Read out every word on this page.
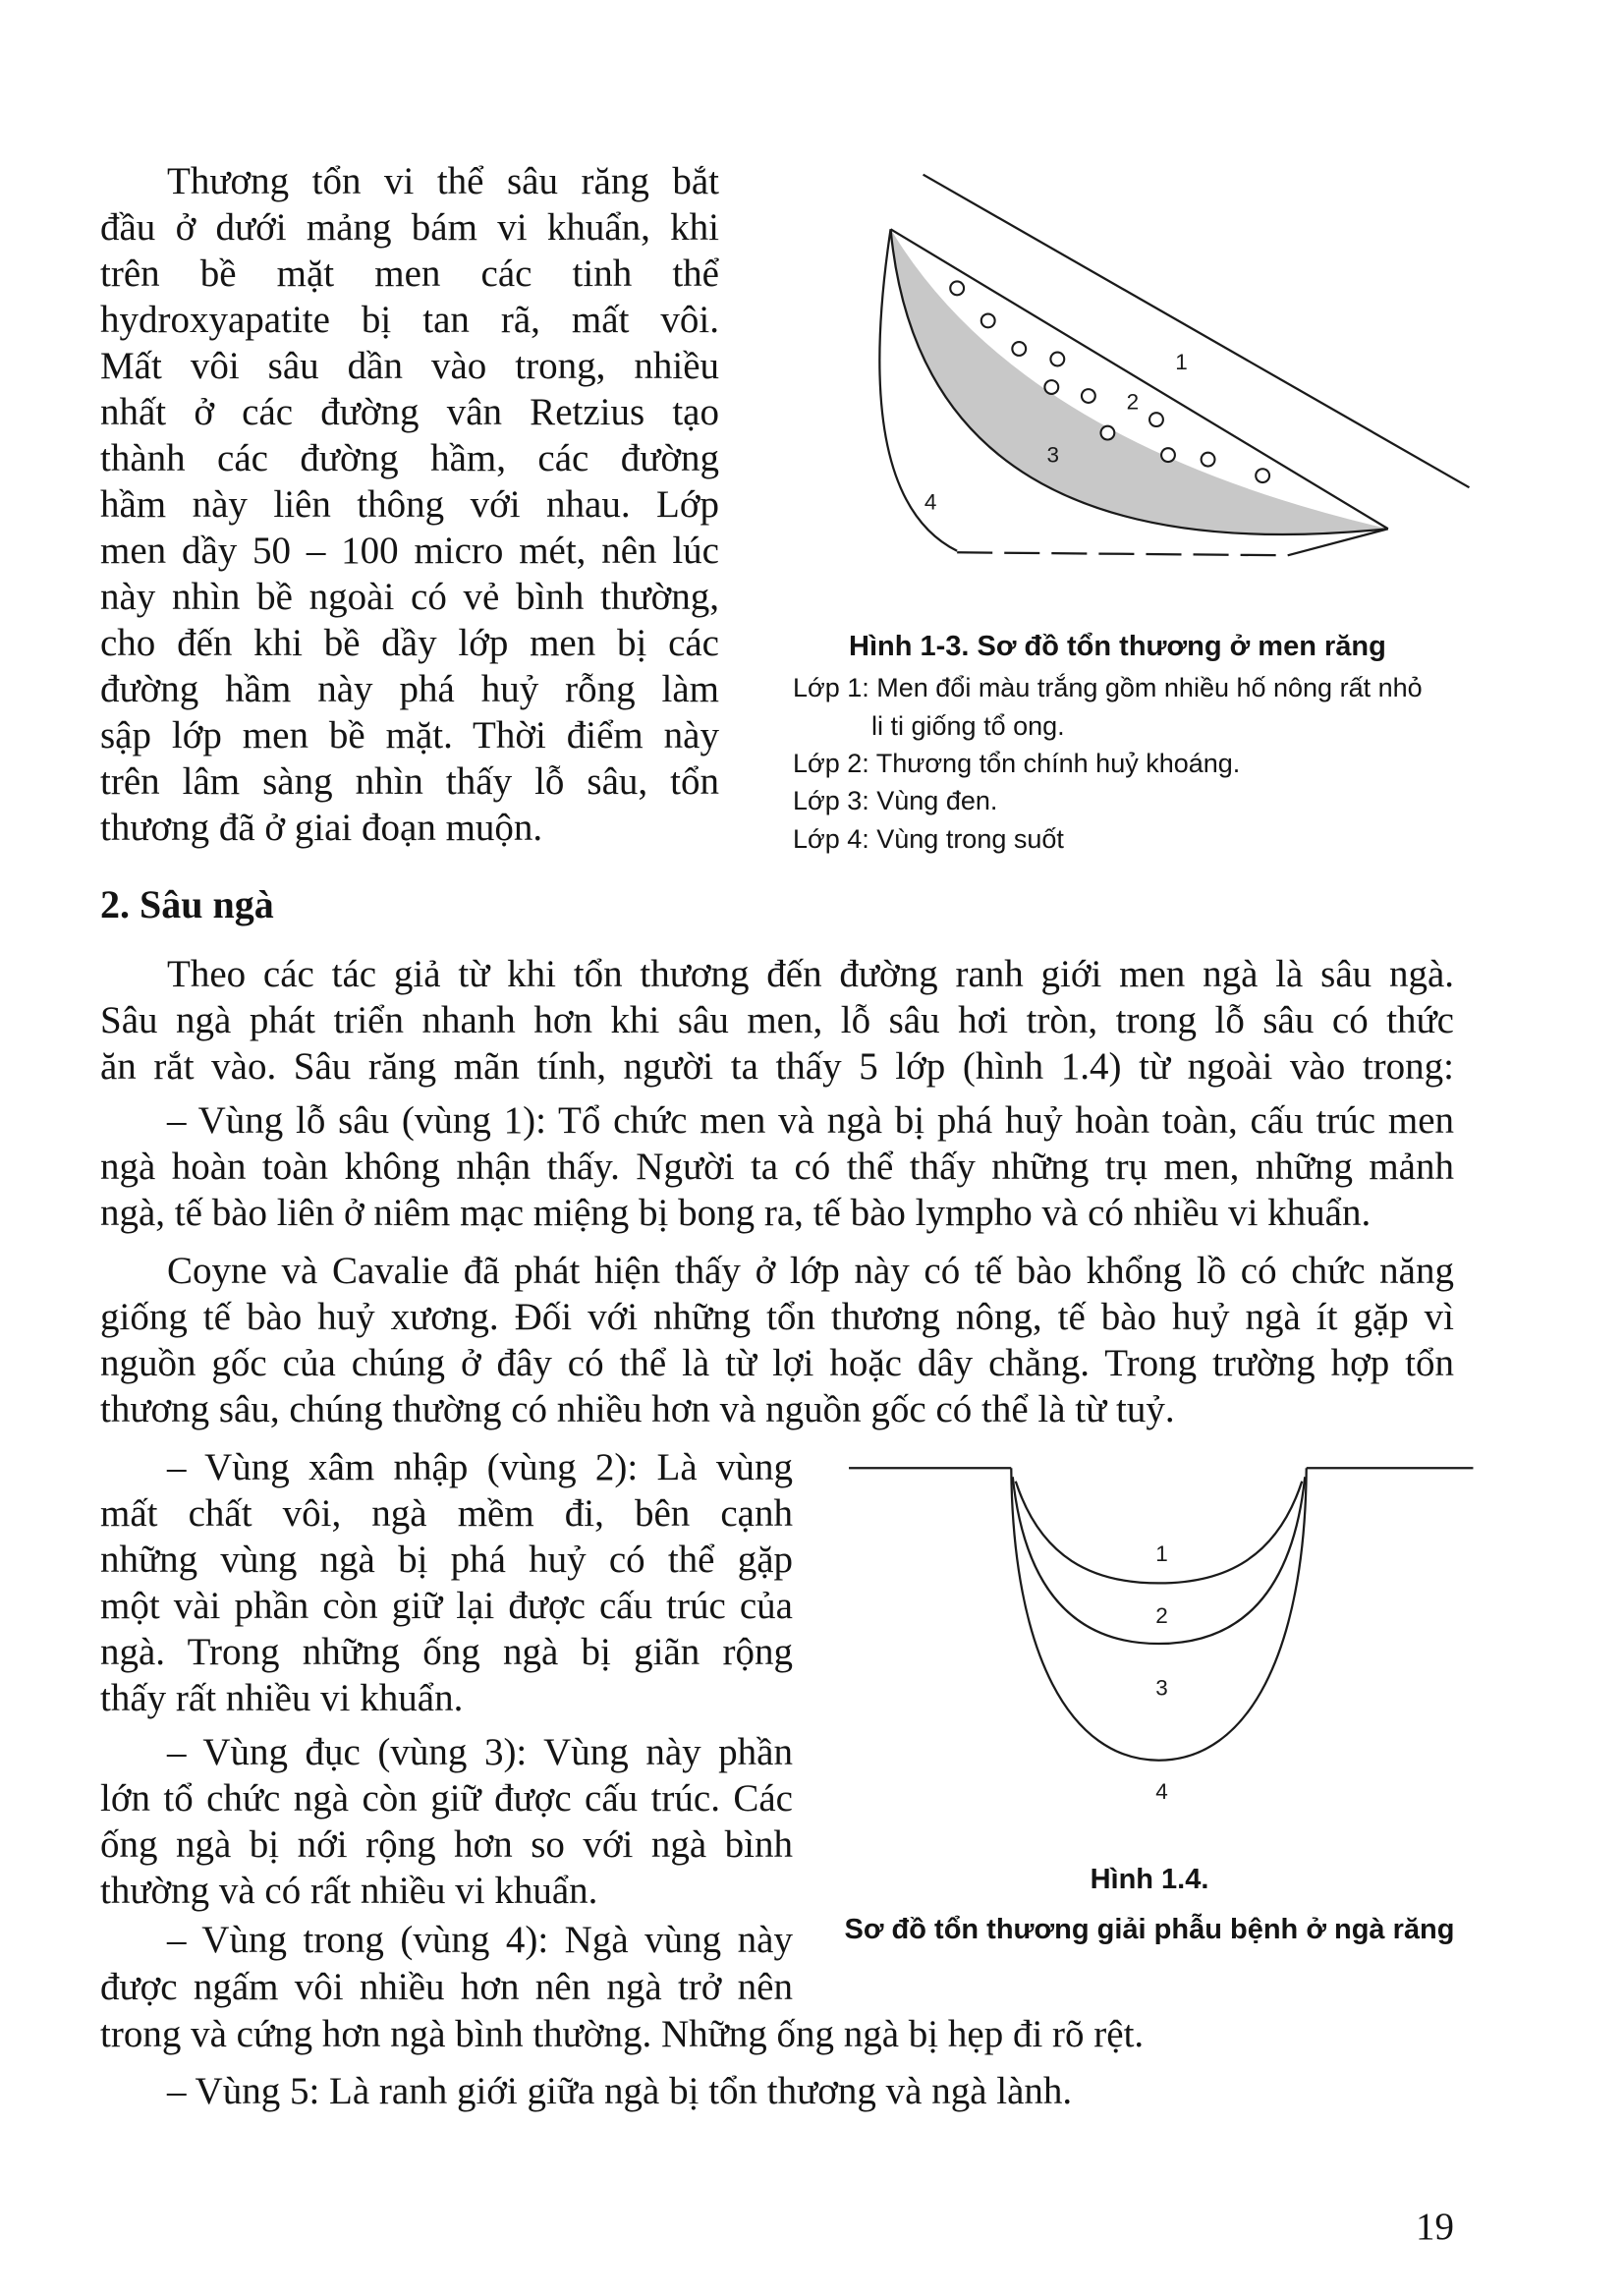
Thương tổn vi thể sâu răng bắt
đầu ở dưới mảng bám vi khuẩn, khi
trên bề mặt men các tinh thể
hydroxyapatite bị tan rã, mất vôi.
Mất vôi sâu dần vào trong, nhiều
nhất ở các đường vân Retzius tạo
thành các đường hầm, các đường
hầm này liên thông với nhau. Lớp
men dầy 50 – 100 micro mét, nên lúc
này nhìn bề ngoài có vẻ bình thường,
cho đến khi bề dầy lớp men bị các
đường hầm này phá huỷ rỗng làm
sập lớp men bề mặt. Thời điểm này
trên lâm sàng nhìn thấy lỗ sâu, tổn
thương đã ở giai đoạn muộn.
1
2
3
4
Hình 1-3. Sơ đồ tổn thương ở men răng
Lớp 1: Men đổi màu trắng gồm nhiều hố nông rất nhỏ
li ti giống tổ ong.
Lớp 2: Thương tổn chính huỷ khoáng.
Lớp 3: Vùng đen.
Lớp 4: Vùng trong suốt
2. Sâu ngà
Theo các tác giả từ khi tổn thương đến đường ranh giới men ngà là sâu ngà.
Sâu ngà phát triển nhanh hơn khi sâu men, lỗ sâu hơi tròn, trong lỗ sâu có thức
ăn rắt vào. Sâu răng mãn tính, người ta thấy 5 lớp (hình 1.4) từ ngoài vào trong:
– Vùng lỗ sâu (vùng 1): Tổ chức men và ngà bị phá huỷ hoàn toàn, cấu trúc men
ngà hoàn toàn không nhận thấy. Người ta có thể thấy những trụ men, những mảnh
ngà, tế bào liên ở niêm mạc miệng bị bong ra, tế bào lympho và có nhiều vi khuẩn.
Coyne và Cavalie đã phát hiện thấy ở lớp này có tế bào khổng lồ có chức năng
giống tế bào huỷ xương. Đối với những tổn thương nông, tế bào huỷ ngà ít gặp vì
nguồn gốc của chúng ở đây có thể là từ lợi hoặc dây chằng. Trong trường hợp tổn
thương sâu, chúng thường có nhiều hơn và nguồn gốc có thể là từ tuỷ.
– Vùng xâm nhập (vùng 2): Là vùng
mất chất vôi, ngà mềm đi, bên cạnh
những vùng ngà bị phá huỷ có thể gặp
một vài phần còn giữ lại được cấu trúc của
ngà. Trong những ống ngà bị giãn rộng
thấy rất nhiều vi khuẩn.
– Vùng đục (vùng 3): Vùng này phần
lớn tổ chức ngà còn giữ được cấu trúc. Các
ống ngà bị nới rộng hơn so với ngà bình
thường và có rất nhiều vi khuẩn.
– Vùng trong (vùng 4): Ngà vùng này
được ngấm vôi nhiều hơn nên ngà trở nên
trong và cứng hơn ngà bình thường. Những ống ngà bị hẹp đi rõ rệt.
– Vùng 5: Là ranh giới giữa ngà bị tổn thương và ngà lành.
1
2
3
4
Hình 1.4.
Sơ đồ tổn thương giải phẫu bệnh ở ngà răng
19
